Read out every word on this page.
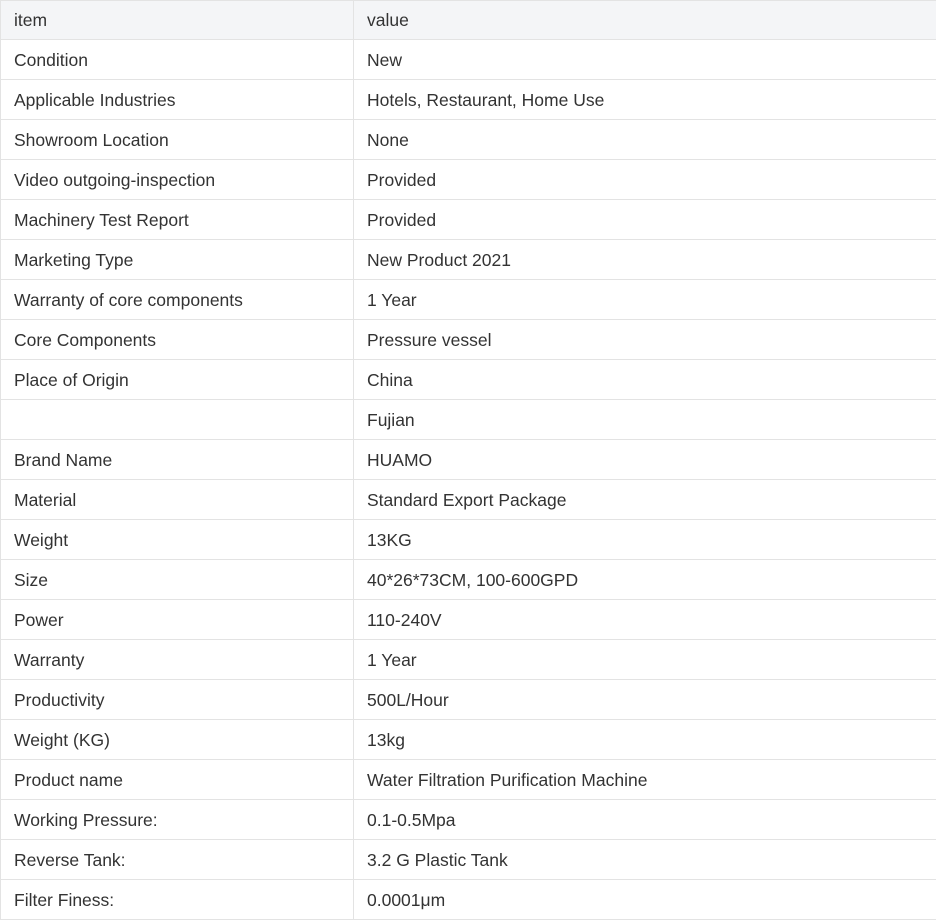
item	value
Condition	New
Applicable Industries	Hotels, Restaurant, Home Use
Showroom Location	None
Video outgoing-inspection	Provided
Machinery Test Report	Provided
Marketing Type	New Product 2021
Warranty of core components	1 Year
Core Components	Pressure vessel
Place of Origin	China
	Fujian
Brand Name	HUAMO
Material	Standard Export Package
Weight	13KG
Size	40*26*73CM, 100-600GPD
Power	110-240V
Warranty	1 Year
Productivity	500L/Hour
Weight (KG)	13kg
Product name	Water Filtration Purification Machine
Working Pressure:	0.1-0.5Mpa
Reverse Tank:	3.2 G Plastic Tank
Filter Finess:	0.0001μm
